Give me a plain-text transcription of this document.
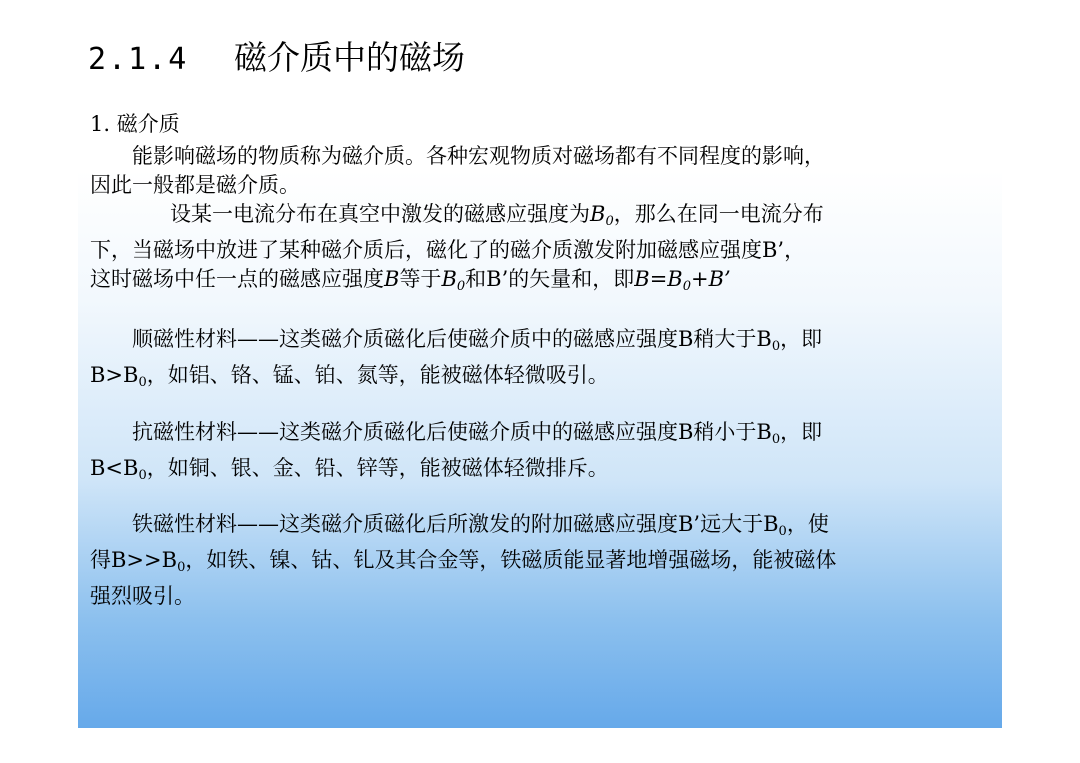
2.1.4 磁介质中的磁场
1. 磁介质
能影响磁场的物质称为磁介质。各种宏观物质对磁场都有不同程度的影响，
因此一般都是磁介质。
设某一电流分布在真空中激发的磁感应强度为$B_0$，那么在同一电流分布
下，当磁场中放进了某种磁介质后，磁化了的磁介质激发附加磁感应强度B’，
这时磁场中任一点的磁感应强度B等于$B_0$和B’的矢量和，即$B=B_0+B$’
顺磁性材料——这类磁介质磁化后使磁介质中的磁感应强度B稍大于$B_0$，即
$B>B_0$，如铝、铬、锰、铂、氮等，能被磁体轻微吸引。
抗磁性材料——这类磁介质磁化后使磁介质中的磁感应强度B稍小于$B_0$，即
$B<B_0$，如铜、银、金、铅、锌等，能被磁体轻微排斥。
铁磁性材料——这类磁介质磁化后所激发的附加磁感应强度B’远大于$B_0$，使
得$B>>B_0$，如铁、镍、钴、钆及其合金等，铁磁质能显著地增强磁场，能被磁体
强烈吸引。
